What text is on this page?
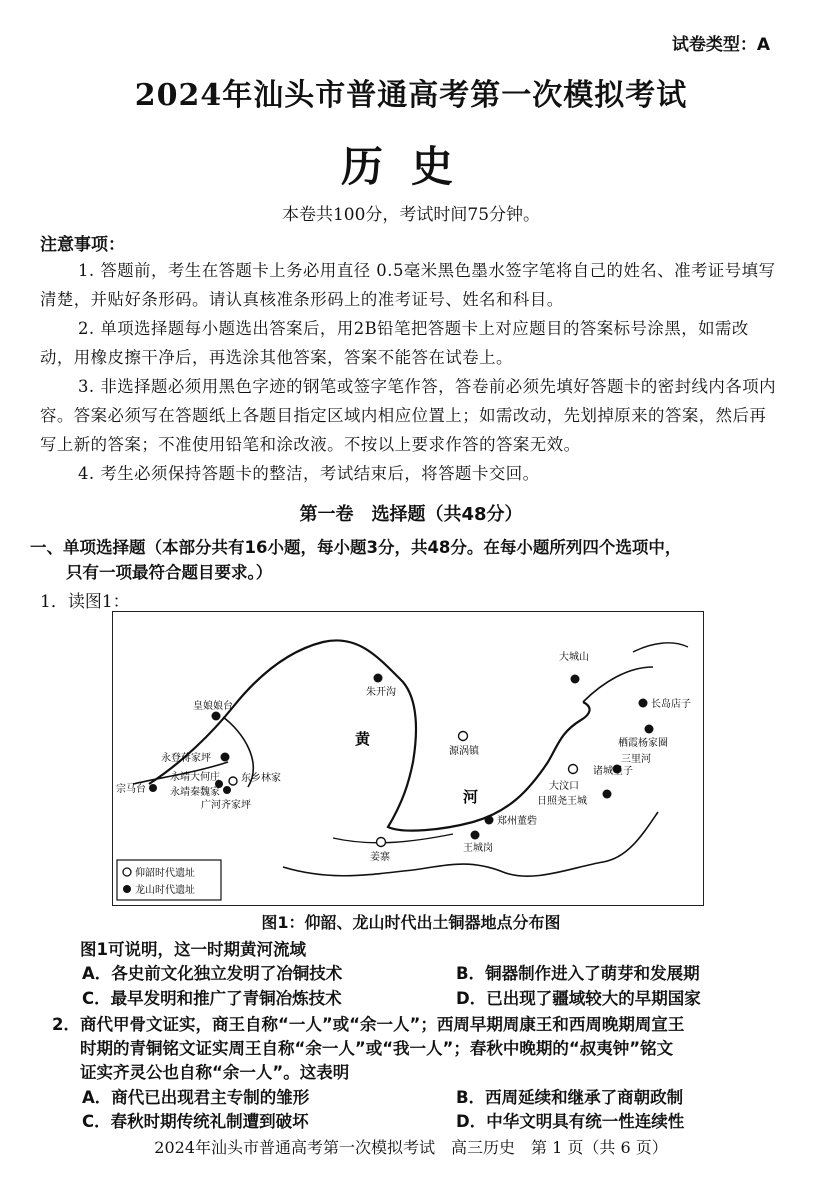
试卷类型：A
2024年汕头市普通高考第一次模拟考试
历史
本卷共100分，考试时间75分钟。
注意事项：

1. 答题前，考生在答题卡上务必用直径 0.5毫米黑色墨水签字笔将自己的姓名、准考证号填写清楚，并贴好条形码。请认真核准条形码上的准考证号、姓名和科目。

2. 单项选择题每小题选出答案后，用2B铅笔把答题卡上对应题目的答案标号涂黑，如需改动，用橡皮擦干净后，再选涂其他答案，答案不能答在试卷上。

3. 非选择题必须用黑色字迹的钢笔或签字笔作答，答卷前必须先填好答题卡的密封线内各项内容。答案必须写在答题纸上各题目指定区域内相应位置上；如需改动，先划掉原来的答案，然后再写上新的答案；不准使用铅笔和涂改液。不按以上要求作答的答案无效。

4. 考生必须保持答题卡的整洁，考试结束后，将答题卡交回。

第一卷　选择题（共48分）
一、单项选择题（本部分共有16小题，每小题3分，共48分。在每小题所列四个选项中，
只有一项最符合题目要求。）
1．读图1：
黄
河
朱开沟
皇娘娘台
永登蒋家坪
永靖大何庄 东乡林家
永靖秦魏家
广河齐家坪
宗马台
源涡镇
姜寨
郑州董砦
王城岗
大城山
长岛店子
栖霞杨家圈
三里河
诸城呈子
大汶口
日照尧王城
仰韶时代遗址
龙山时代遗址
图1：仰韶、龙山时代出土铜器地点分布图
图1可说明，这一时期黄河流域
A．各史前文化独立发明了冶铜技术	B．铜器制作进入了萌芽和发展期
C．最早发明和推广了青铜冶炼技术	D．已出现了疆域较大的早期国家
2．商代甲骨文证实，商王自称“一人”或“余一人”；西周早期周康王和西周晚期周宣王
时期的青铜铭文证实周王自称“余一人”或“我一人”；春秋中晚期的“叔夷钟”铭文
证实齐灵公也自称“余一人”。这表明
A．商代已出现君主专制的雏形	B．西周延续和继承了商朝政制
C．春秋时期传统礼制遭到破坏	D．中华文明具有统一性连续性
2024年汕头市普通高考第一次模拟考试　高三历史　第 1 页（共 6 页）
